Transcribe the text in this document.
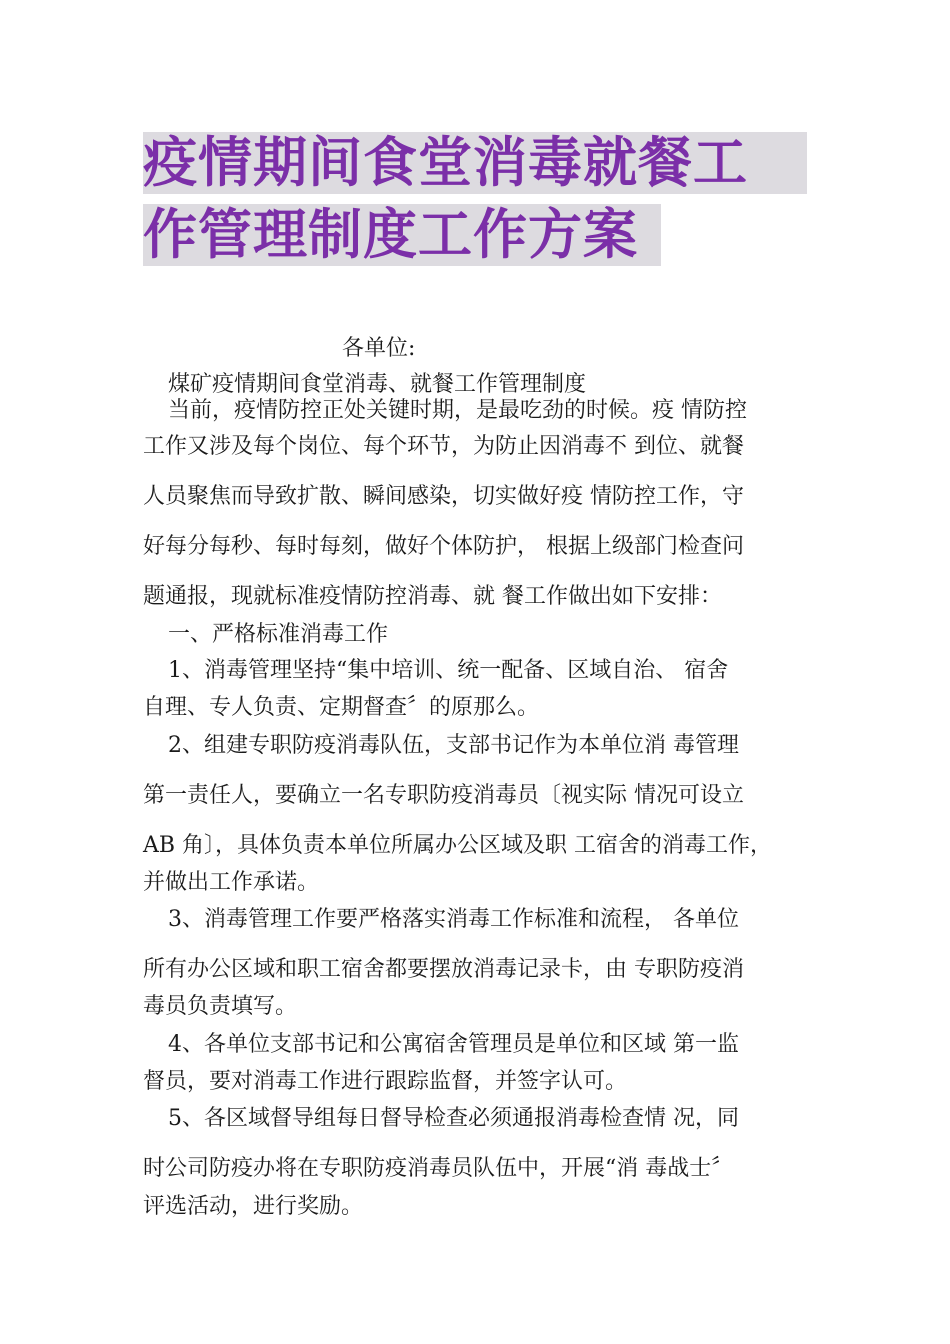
疫情期间食堂消毒就餐工
作管理制度工作方案
各单位:
煤矿疫情期间食堂消毒、就餐工作管理制度
当前，疫情防控正处关键时期，是最吃劲的时候。疫 情防控
工作又涉及每个岗位、每个环节，为防止因消毒不 到位、就餐
人员聚焦而导致扩散、瞬间感染，切实做好疫 情防控工作，守
好每分每秒、每时每刻，做好个体防护， 根据上级部门检查问
题通报，现就标准疫情防控消毒、就 餐工作做出如下安排：
一、严格标准消毒工作
1、消毒管理坚持“集中培训、统一配备、区域自治、 宿舍
自理、专人负责、定期督查〞的原那么。
2、组建专职防疫消毒队伍，支部书记作为本单位消 毒管理
第一责任人，要确立一名专职防疫消毒员〔视实际 情况可设立
AB 角〕，具体负责本单位所属办公区域及职 工宿舍的消毒工作，
并做出工作承诺。
3、消毒管理工作要严格落实消毒工作标准和流程， 各单位
所有办公区域和职工宿舍都要摆放消毒记录卡，由 专职防疫消
毒员负责填写。
4、各单位支部书记和公寓宿舍管理员是单位和区域 第一监
督员，要对消毒工作进行跟踪监督，并签字认可。
5、各区域督导组每日督导检查必须通报消毒检查情 况，同
时公司防疫办将在专职防疫消毒员队伍中，开展“消 毒战士〞
评选活动，进行奖励。
